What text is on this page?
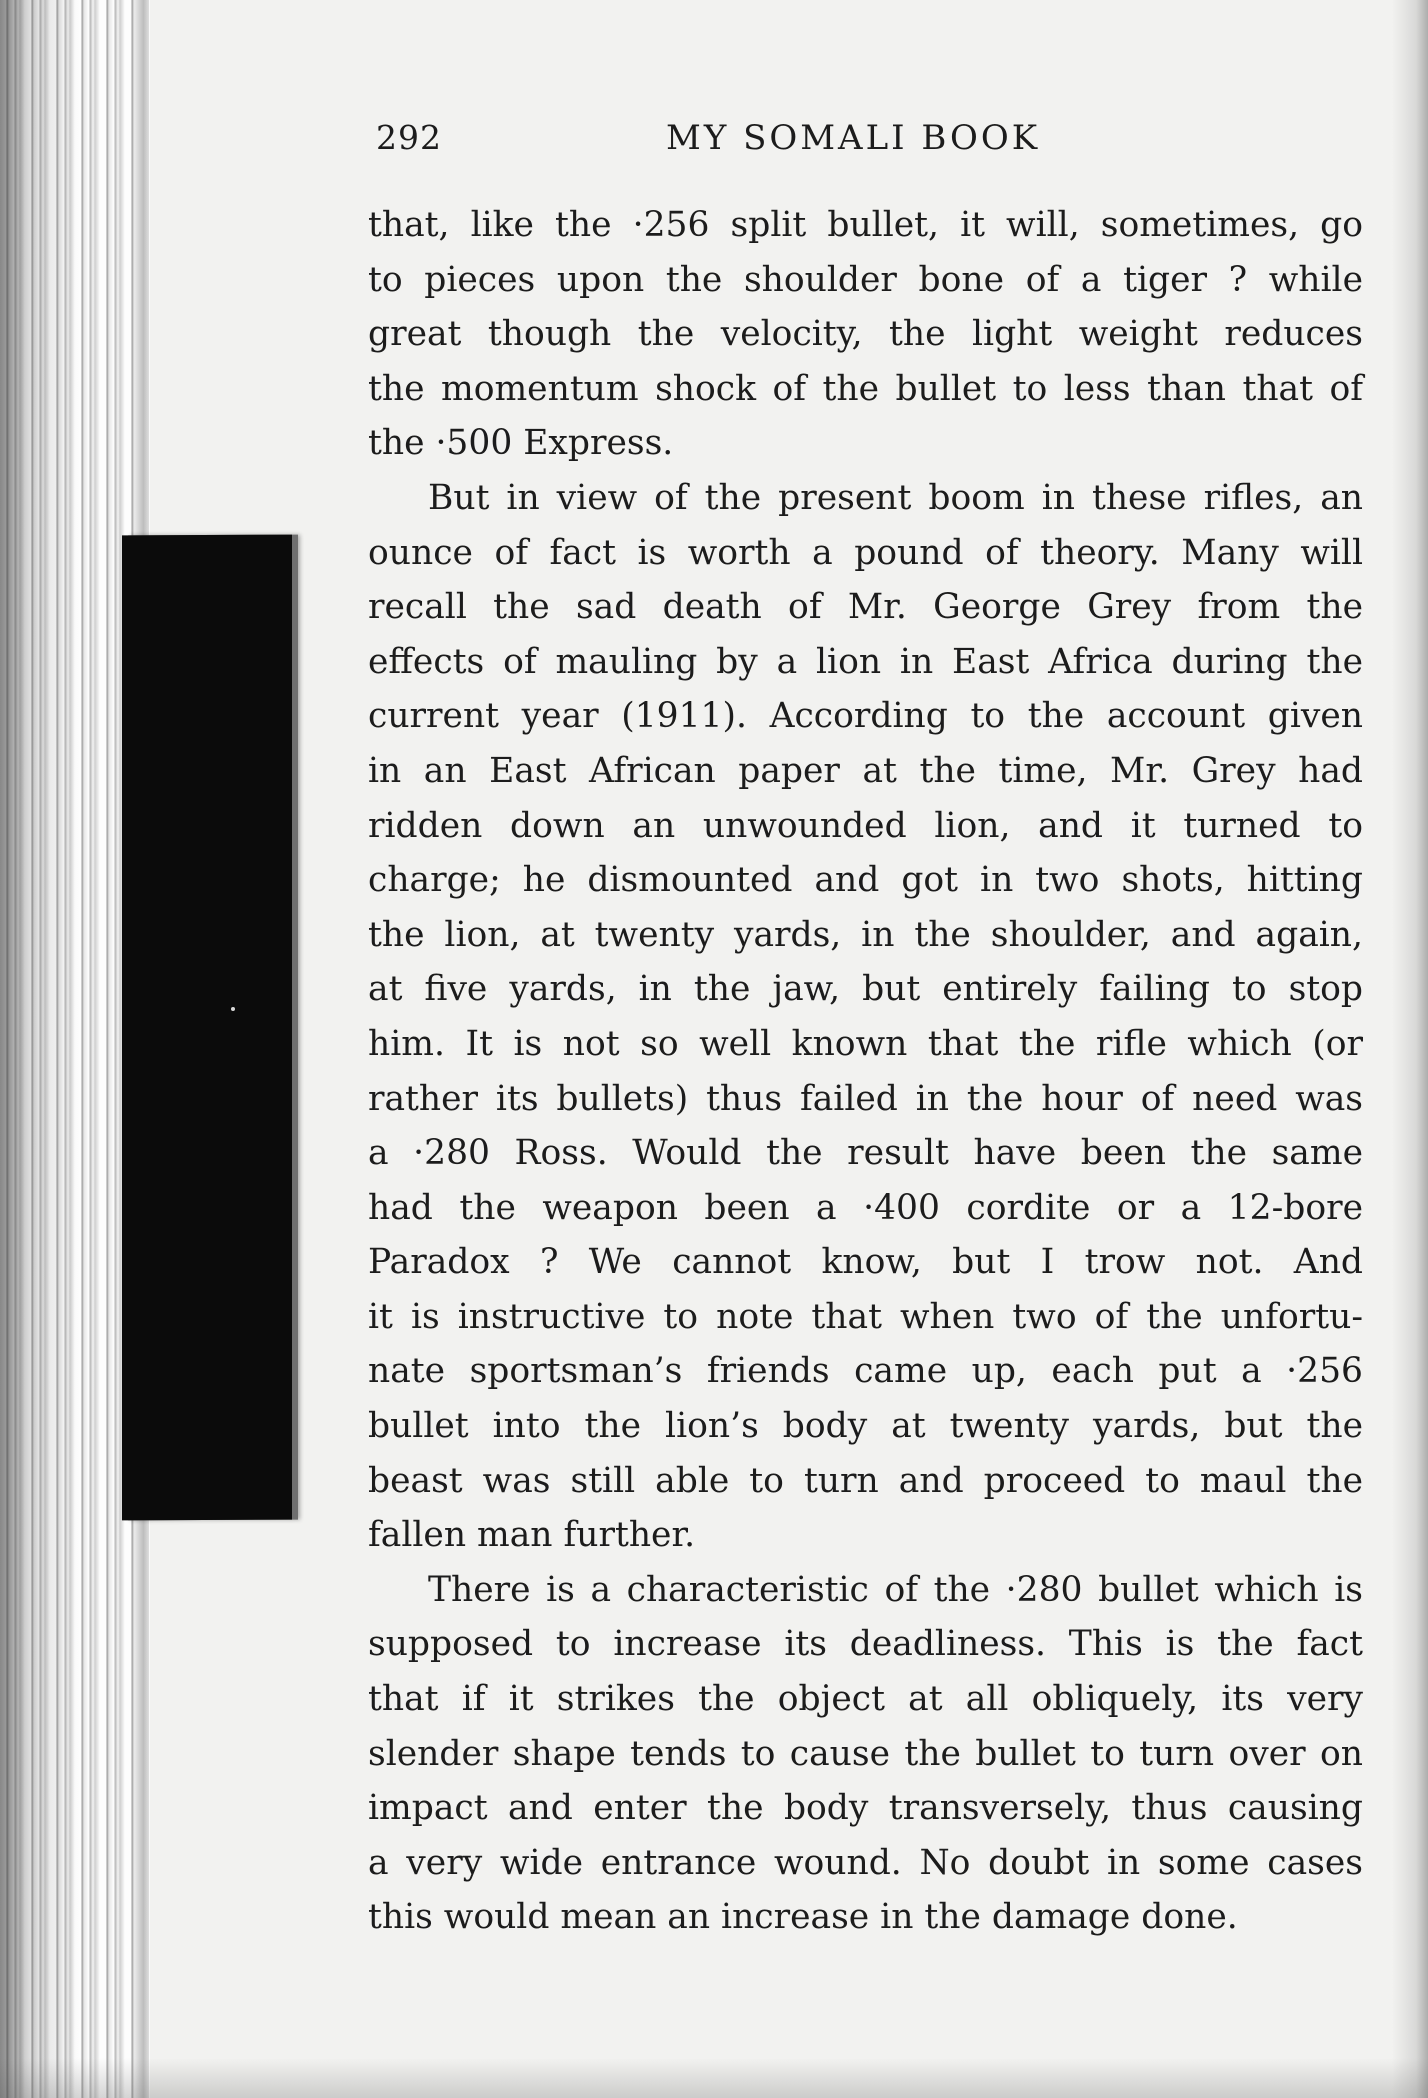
292	MY SOMALI BOOK
that, like the ·256 split bullet, it will, sometimes, go
to pieces upon the shoulder bone of a tiger ? while
great though the velocity, the light weight reduces
the momentum shock of the bullet to less than that of
the ·500 Express.
But in view of the present boom in these rifles, an
ounce of fact is worth a pound of theory. Many will
recall the sad death of Mr. George Grey from the
effects of mauling by a lion in East Africa during the
current year (1911). According to the account given
in an East African paper at the time, Mr. Grey had
ridden down an unwounded lion, and it turned to
charge; he dismounted and got in two shots, hitting
the lion, at twenty yards, in the shoulder, and again,
at five yards, in the jaw, but entirely failing to stop
him. It is not so well known that the rifle which (or
rather its bullets) thus failed in the hour of need was
a ·280 Ross. Would the result have been the same
had the weapon been a ·400 cordite or a 12-bore
Paradox ? We cannot know, but I trow not. And
it is instructive to note that when two of the unfortu-
nate sportsman’s friends came up, each put a ·256
bullet into the lion’s body at twenty yards, but the
beast was still able to turn and proceed to maul the
fallen man further.
There is a characteristic of the ·280 bullet which is
supposed to increase its deadliness. This is the fact
that if it strikes the object at all obliquely, its very
slender shape tends to cause the bullet to turn over on
impact and enter the body transversely, thus causing
a very wide entrance wound. No doubt in some cases
this would mean an increase in the damage done.
